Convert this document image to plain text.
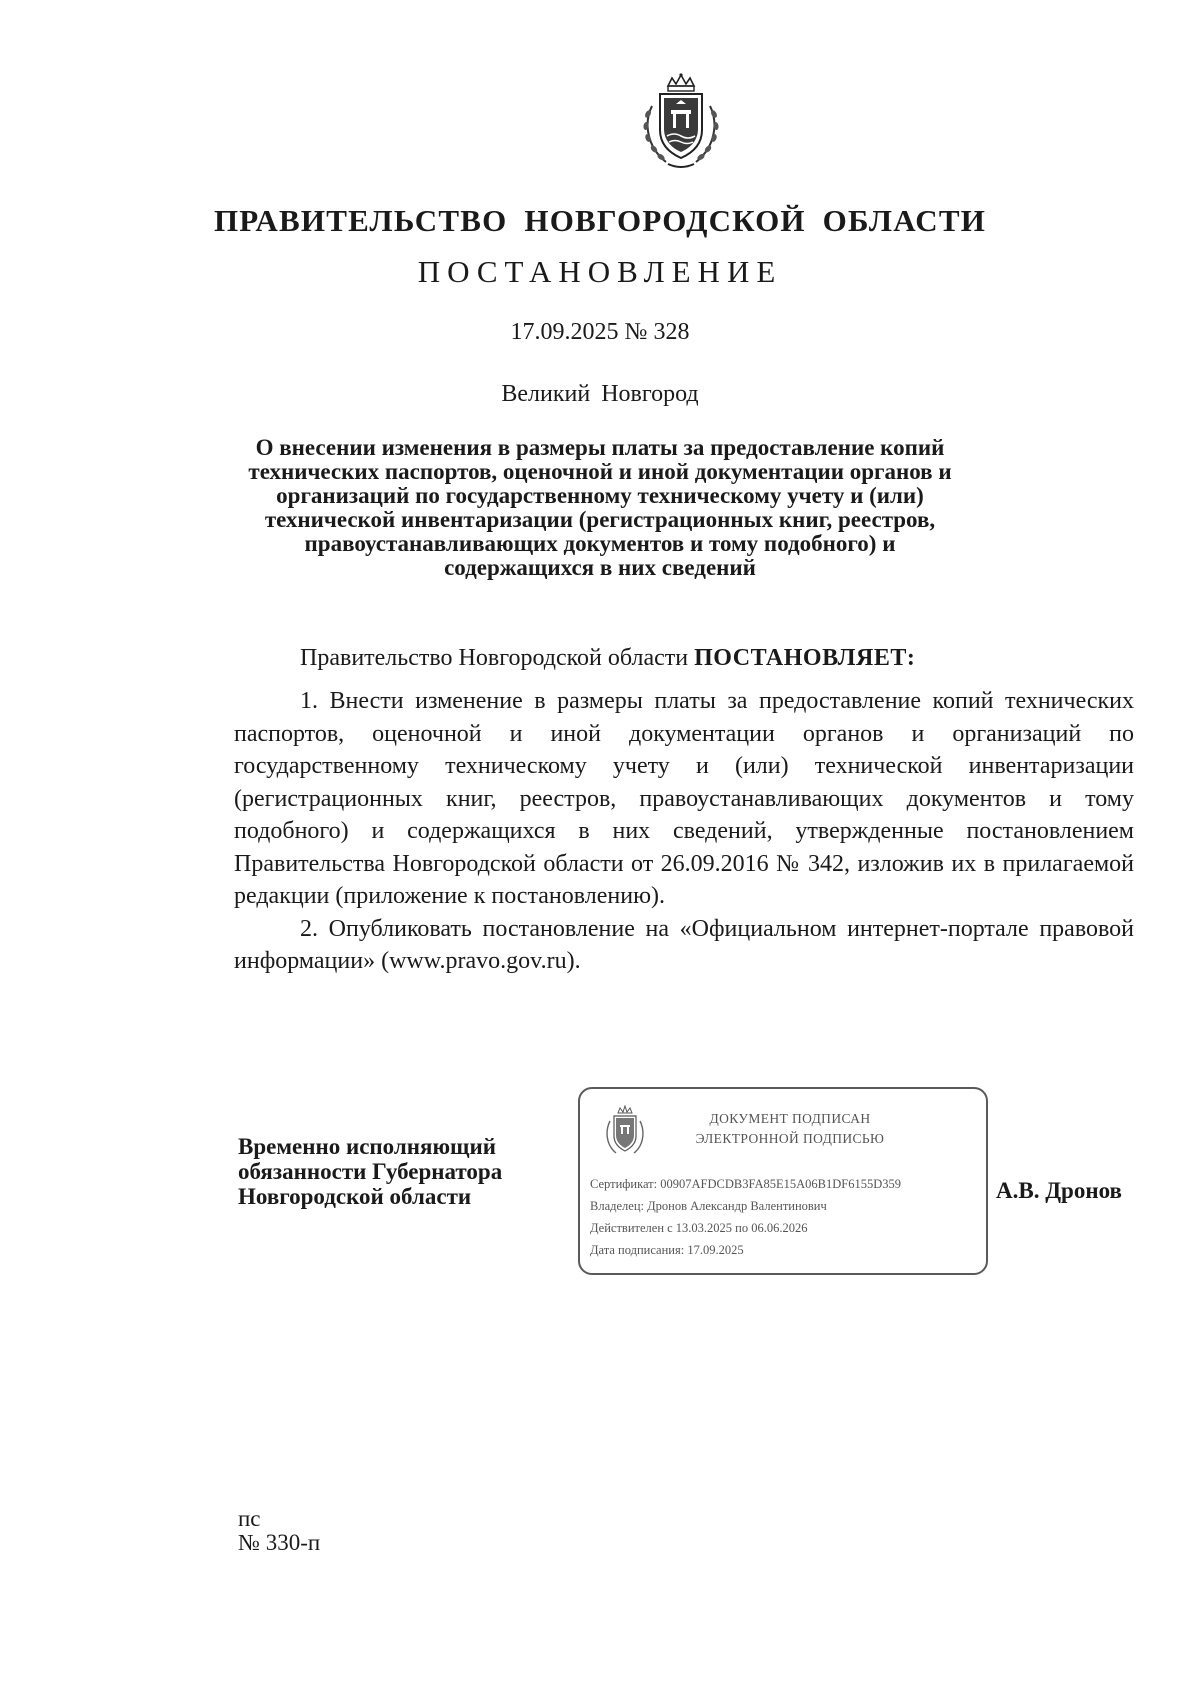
ПРАВИТЕЛЬСТВО НОВГОРОДСКОЙ ОБЛАСТИ
ПОСТАНОВЛЕНИЕ
17.09.2025 № 328
Великий Новгород

О внесении изменения в размеры платы за предоставление копий технических паспортов, оценочной и иной документации органов и организаций по государственному техническому учету и (или) технической инвентаризации (регистрационных книг, реестров, правоустанавливающих документов и тому подобного) и содержащихся в них сведений

Правительство Новгородской области ПОСТАНОВЛЯЕТ:

1. Внести изменение в размеры платы за предоставление копий технических паспортов, оценочной и иной документации органов и организаций по государственному техническому учету и (или) технической инвентаризации (регистрационных книг, реестров, правоустанавливающих документов и тому подобного) и содержащихся в них сведений, утвержденные постановлением Правительства Новгородской области от 26.09.2016 № 342, изложив их в прилагаемой редакции (приложение к постановлению).

2. Опубликовать постановление на «Официальном интернет-портале правовой информации» (www.pravo.gov.ru).

Временно исполняющий
обязанности Губернатора
Новгородской области

ДОКУМЕНТ ПОДПИСАН
ЭЛЕКТРОННОЙ ПОДПИСЬЮ
Сертификат: 00907AFDCDB3FA85E15A06B1DF6155D359
Владелец: Дронов Александр Валентинович
Действителен с 13.03.2025 по 06.06.2026
Дата подписания: 17.09.2025
А.В. Дронов
пс
№ 330-п
